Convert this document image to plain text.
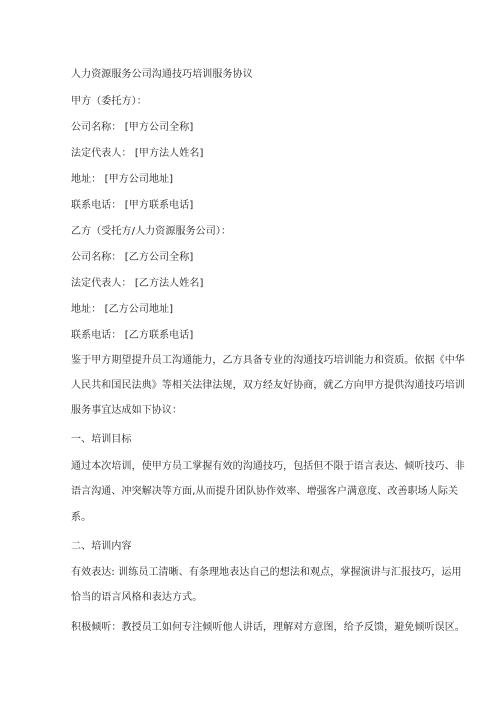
人力资源服务公司沟通技巧培训服务协议
甲方（委托方）：
公司名称： [甲方公司全称]
法定代表人： [甲方法人姓名]
地址： [甲方公司地址]
联系电话： [甲方联系电话]
乙方（受托方/人力资源服务公司）：
公司名称： [乙方公司全称]
法定代表人： [乙方法人姓名]
地址： [乙方公司地址]
联系电话： [乙方联系电话]
鉴于甲方期望提升员工沟通能力，乙方具备专业的沟通技巧培训能力和资质。依据《中华
人民共和国民法典》等相关法律法规，双方经友好协商，就乙方向甲方提供沟通技巧培训
服务事宜达成如下协议：
一、培训目标
通过本次培训，使甲方员工掌握有效的沟通技巧，包括但不限于语言表达、倾听技巧、非
语言沟通、冲突解决等方面,从而提升团队协作效率、增强客户满意度、改善职场人际关
系。
二、培训内容
有效表达: 训练员工清晰、有条理地表达自己的想法和观点，掌握演讲与汇报技巧，运用
恰当的语言风格和表达方式。
积极倾听：教授员工如何专注倾听他人讲话，理解对方意图，给予反馈，避免倾听误区。
